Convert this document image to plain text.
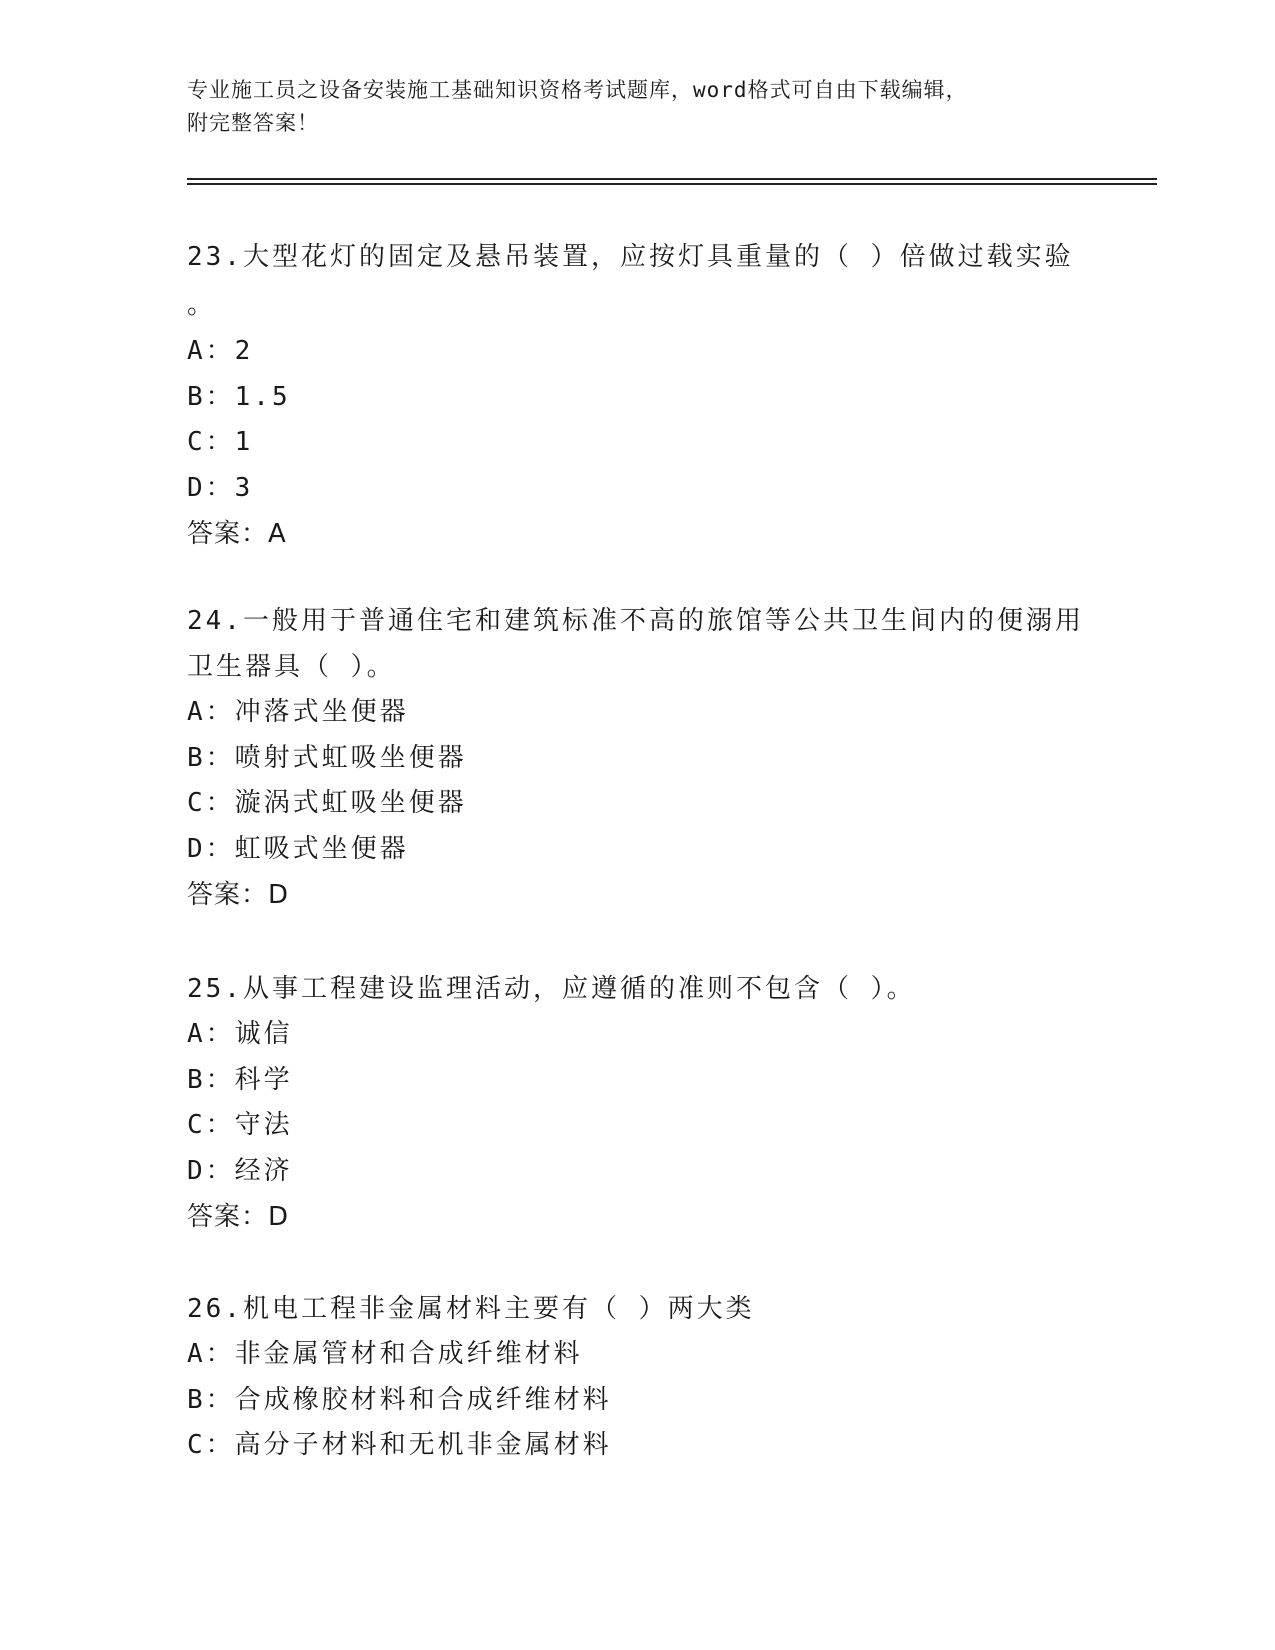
专业施工员之设备安装施工基础知识资格考试题库，word格式可自由下载编辑，
附完整答案！

23.大型花灯的固定及悬吊装置，应按灯具重量的（ ）倍做过载实验

。

A：2

B：1.5

C：1

D：3

答案：A

24.一般用于普通住宅和建筑标准不高的旅馆等公共卫生间内的便溺用

卫生器具（ ）。

A：冲落式坐便器

B：喷射式虹吸坐便器

C：漩涡式虹吸坐便器

D：虹吸式坐便器

答案：D

25.从事工程建设监理活动，应遵循的准则不包含（ ）。

A：诚信

B：科学

C：守法

D：经济

答案：D

26.机电工程非金属材料主要有（ ）两大类

A：非金属管材和合成纤维材料

B：合成橡胶材料和合成纤维材料

C：高分子材料和无机非金属材料
